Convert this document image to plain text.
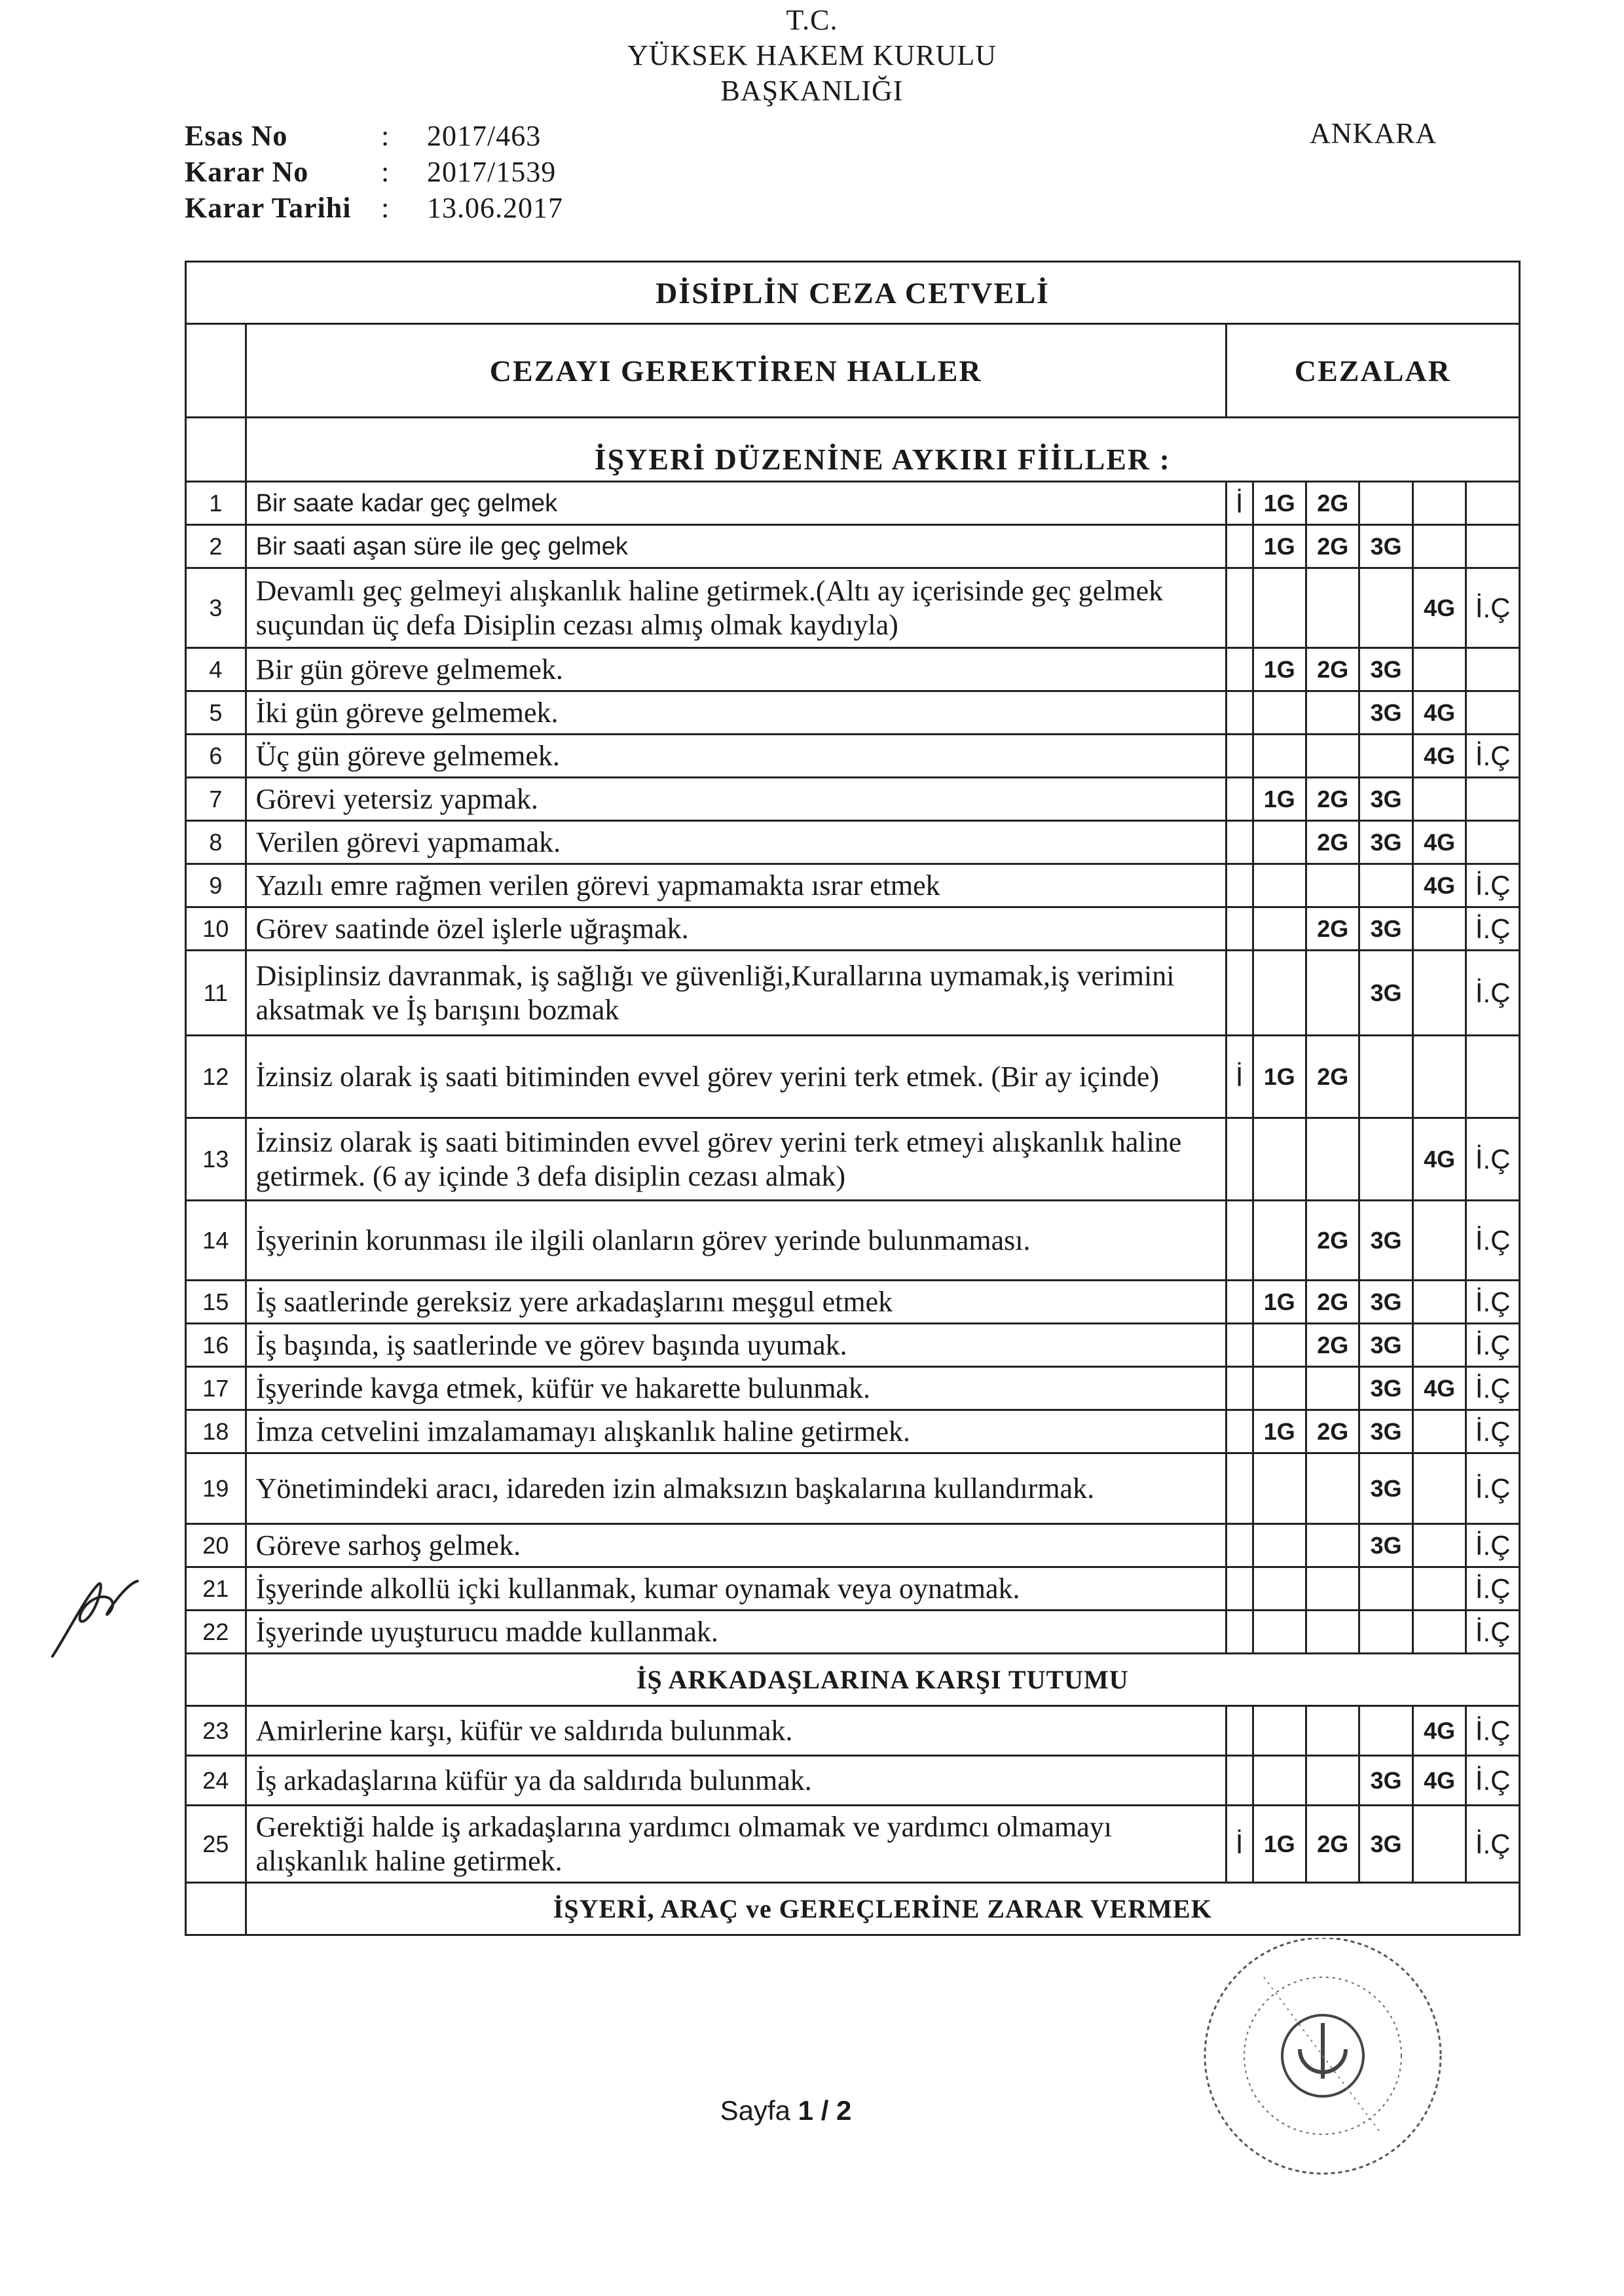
T.C.
YÜKSEK HAKEM KURULU
BAŞKANLIĞI
Esas No	:	2017/463
Karar No	:	2017/1539
Karar Tarihi	:	13.06.2017
ANKARA
DİSİPLİN CEZA CETVELİ							
	CEZAYI GEREKTİREN HALLER	CEZALAR					
	İŞYERİ DÜZENİNE AYKIRI FİİLLER :						
1	Bir saate kadar geç gelmek	İ	1G	2G			
2	Bir saati aşan süre ile geç gelmek		1G	2G	3G		
3	Devamlı geç gelmeyi alışkanlık haline getirmek.(Altı ay içerisinde geç gelmek suçundan üç defa Disiplin cezası almış olmak kaydıyla)					4G	İ.Ç
4	Bir gün göreve gelmemek.		1G	2G	3G		
5	İki gün göreve gelmemek.				3G	4G	
6	Üç gün göreve gelmemek.					4G	İ.Ç
7	Görevi yetersiz yapmak.		1G	2G	3G		
8	Verilen görevi yapmamak.			2G	3G	4G	
9	Yazılı emre rağmen verilen görevi yapmamakta ısrar etmek					4G	İ.Ç
10	Görev saatinde özel işlerle uğraşmak.			2G	3G		İ.Ç
11	Disiplinsiz davranmak, iş sağlığı ve güvenliği,Kurallarına uymamak,iş verimini aksatmak ve İş barışını bozmak				3G		İ.Ç
12	İzinsiz olarak iş saati bitiminden evvel görev yerini terk etmek. (Bir ay içinde)	İ	1G	2G			
13	İzinsiz olarak iş saati bitiminden evvel görev yerini terk etmeyi alışkanlık haline getirmek. (6 ay içinde 3 defa disiplin cezası almak)					4G	İ.Ç
14	İşyerinin korunması ile ilgili olanların görev yerinde bulunmaması.			2G	3G		İ.Ç
15	İş saatlerinde gereksiz yere arkadaşlarını meşgul etmek		1G	2G	3G		İ.Ç
16	İş başında, iş saatlerinde ve görev başında uyumak.			2G	3G		İ.Ç
17	İşyerinde kavga etmek, küfür ve hakarette bulunmak.				3G	4G	İ.Ç
18	İmza cetvelini imzalamamayı alışkanlık haline getirmek.		1G	2G	3G		İ.Ç
19	Yönetimindeki aracı, idareden izin almaksızın başkalarına kullandırmak.				3G		İ.Ç
20	Göreve sarhoş gelmek.				3G		İ.Ç
21	İşyerinde alkollü içki kullanmak, kumar oynamak veya oynatmak.						İ.Ç
22	İşyerinde uyuşturucu madde kullanmak.						İ.Ç
	İŞ ARKADAŞLARINA KARŞI TUTUMU						
23	Amirlerine karşı, küfür ve saldırıda bulunmak.					4G	İ.Ç
24	İş arkadaşlarına küfür ya da saldırıda bulunmak.				3G	4G	İ.Ç
25	Gerektiği halde iş arkadaşlarına yardımcı olmamak ve yardımcı olmamayı alışkanlık haline getirmek.	İ	1G	2G	3G		İ.Ç
	İŞYERİ, ARAÇ ve GEREÇLERİNE ZARAR VERMEK						
Sayfa 1 / 2
